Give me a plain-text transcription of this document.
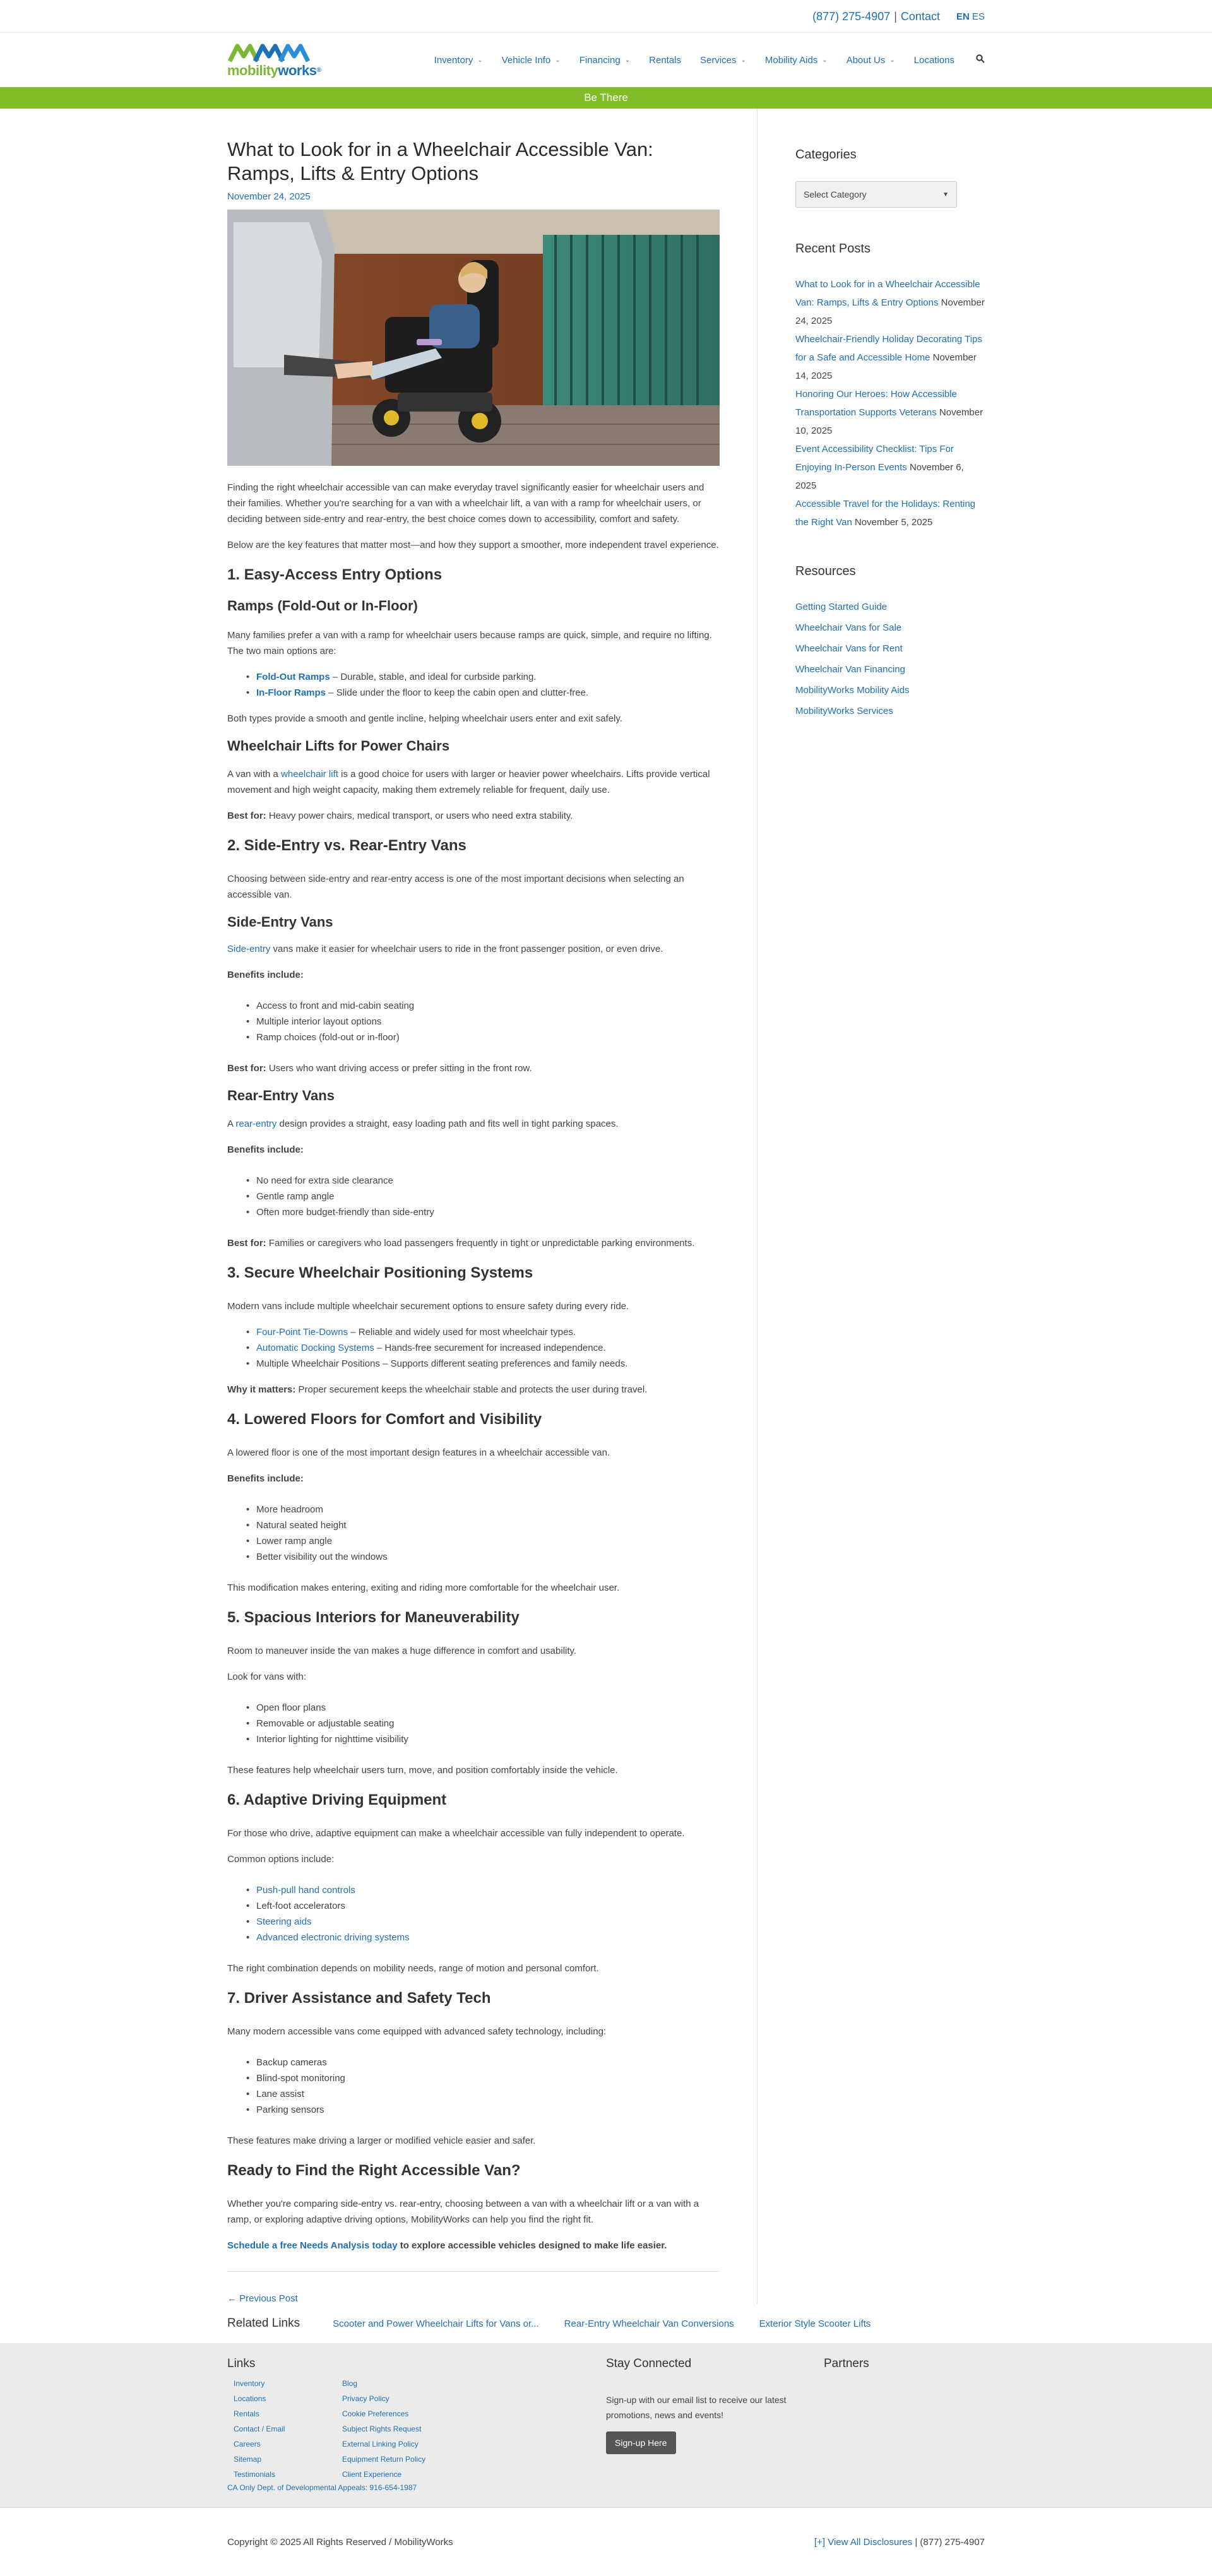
(877) 275-4907 | Contact EN ES
mobilityworks®
Inventory ⌄ Vehicle Info ⌄ Financing ⌄ Rentals Services ⌄ Mobility Aids ⌄ About Us ⌄ Locations
Be There
What to Look for in a Wheelchair Accessible Van: Ramps, Lifts & Entry Options
November 24, 2025

Finding the right wheelchair accessible van can make everyday travel significantly easier for wheelchair users and their families. Whether you're searching for a van with a wheelchair lift, a van with a ramp for wheelchair users, or deciding between side-entry and rear-entry, the best choice comes down to accessibility, comfort and safety.

Below are the key features that matter most—and how they support a smoother, more independent travel experience.

1. Easy-Access Entry Options
Ramps (Fold-Out or In-Floor)

Many families prefer a van with a ramp for wheelchair users because ramps are quick, simple, and require no lifting. The two main options are:

• Fold-Out Ramps – Durable, stable, and ideal for curbside parking.
• In-Floor Ramps – Slide under the floor to keep the cabin open and clutter-free.

Both types provide a smooth and gentle incline, helping wheelchair users enter and exit safely.

Wheelchair Lifts for Power Chairs

A van with a wheelchair lift is a good choice for users with larger or heavier power wheelchairs. Lifts provide vertical movement and high weight capacity, making them extremely reliable for frequent, daily use.

Best for: Heavy power chairs, medical transport, or users who need extra stability.

2. Side-Entry vs. Rear-Entry Vans

Choosing between side-entry and rear-entry access is one of the most important decisions when selecting an accessible van.

Side-Entry Vans

Side-entry vans make it easier for wheelchair users to ride in the front passenger position, or even drive.

Benefits include:

• Access to front and mid-cabin seating
• Multiple interior layout options
• Ramp choices (fold-out or in-floor)

Best for: Users who want driving access or prefer sitting in the front row.

Rear-Entry Vans

A rear-entry design provides a straight, easy loading path and fits well in tight parking spaces.

Benefits include:

• No need for extra side clearance
• Gentle ramp angle
• Often more budget-friendly than side-entry

Best for: Families or caregivers who load passengers frequently in tight or unpredictable parking environments.

3. Secure Wheelchair Positioning Systems

Modern vans include multiple wheelchair securement options to ensure safety during every ride.

• Four-Point Tie-Downs – Reliable and widely used for most wheelchair types.
• Automatic Docking Systems – Hands-free securement for increased independence.
• Multiple Wheelchair Positions – Supports different seating preferences and family needs.

Why it matters: Proper securement keeps the wheelchair stable and protects the user during travel.

4. Lowered Floors for Comfort and Visibility

A lowered floor is one of the most important design features in a wheelchair accessible van.

Benefits include:

• More headroom
• Natural seated height
• Lower ramp angle
• Better visibility out the windows

This modification makes entering, exiting and riding more comfortable for the wheelchair user.

5. Spacious Interiors for Maneuverability

Room to maneuver inside the van makes a huge difference in comfort and usability.

Look for vans with:

• Open floor plans
• Removable or adjustable seating
• Interior lighting for nighttime visibility

These features help wheelchair users turn, move, and position comfortably inside the vehicle.

6. Adaptive Driving Equipment

For those who drive, adaptive equipment can make a wheelchair accessible van fully independent to operate.

Common options include:

• Push-pull hand controls
• Left-foot accelerators
• Steering aids
• Advanced electronic driving systems

The right combination depends on mobility needs, range of motion and personal comfort.

7. Driver Assistance and Safety Tech

Many modern accessible vans come equipped with advanced safety technology, including:

• Backup cameras
• Blind-spot monitoring
• Lane assist
• Parking sensors

These features make driving a larger or modified vehicle easier and safer.

Ready to Find the Right Accessible Van?

Whether you're comparing side-entry vs. rear-entry, choosing between a van with a wheelchair lift or a van with a ramp, or exploring adaptive driving options, MobilityWorks can help you find the right fit.

Schedule a free Needs Analysis today to explore accessible vehicles designed to make life easier.

← Previous Post
Categories
Select Category	▼
Recent Posts
What to Look for in a Wheelchair Accessible Van: Ramps, Lifts & Entry Options November 24, 2025
Wheelchair-Friendly Holiday Decorating Tips for a Safe and Accessible Home November 14, 2025
Honoring Our Heroes: How Accessible Transportation Supports Veterans November 10, 2025
Event Accessibility Checklist: Tips For Enjoying In-Person Events November 6, 2025
Accessible Travel for the Holidays: Renting the Right Van November 5, 2025
Resources
Getting Started Guide
Wheelchair Vans for Sale
Wheelchair Vans for Rent
Wheelchair Van Financing
MobilityWorks Mobility Aids
MobilityWorks Services
Related Links	Scooter and Power Wheelchair Lifts for Vans or...	Rear-Entry Wheelchair Van Conversions	Exterior Style Scooter Lifts
Links
Inventory
Locations
Rentals
Contact / Email
Careers
Sitemap
Testimonials
Blog
Privacy Policy
Cookie Preferences
Subject Rights Request
External Linking Policy
Equipment Return Policy
Client Experience
CA Only Dept. of Developmental Appeals: 916-654-1987
Stay Connected

Sign-up with our email list to receive our latest promotions, news and events!

Sign-up Here
Partners
Copyright © 2025 All Rights Reserved / MobilityWorks	[+] View All Disclosures | (877) 275-4907
